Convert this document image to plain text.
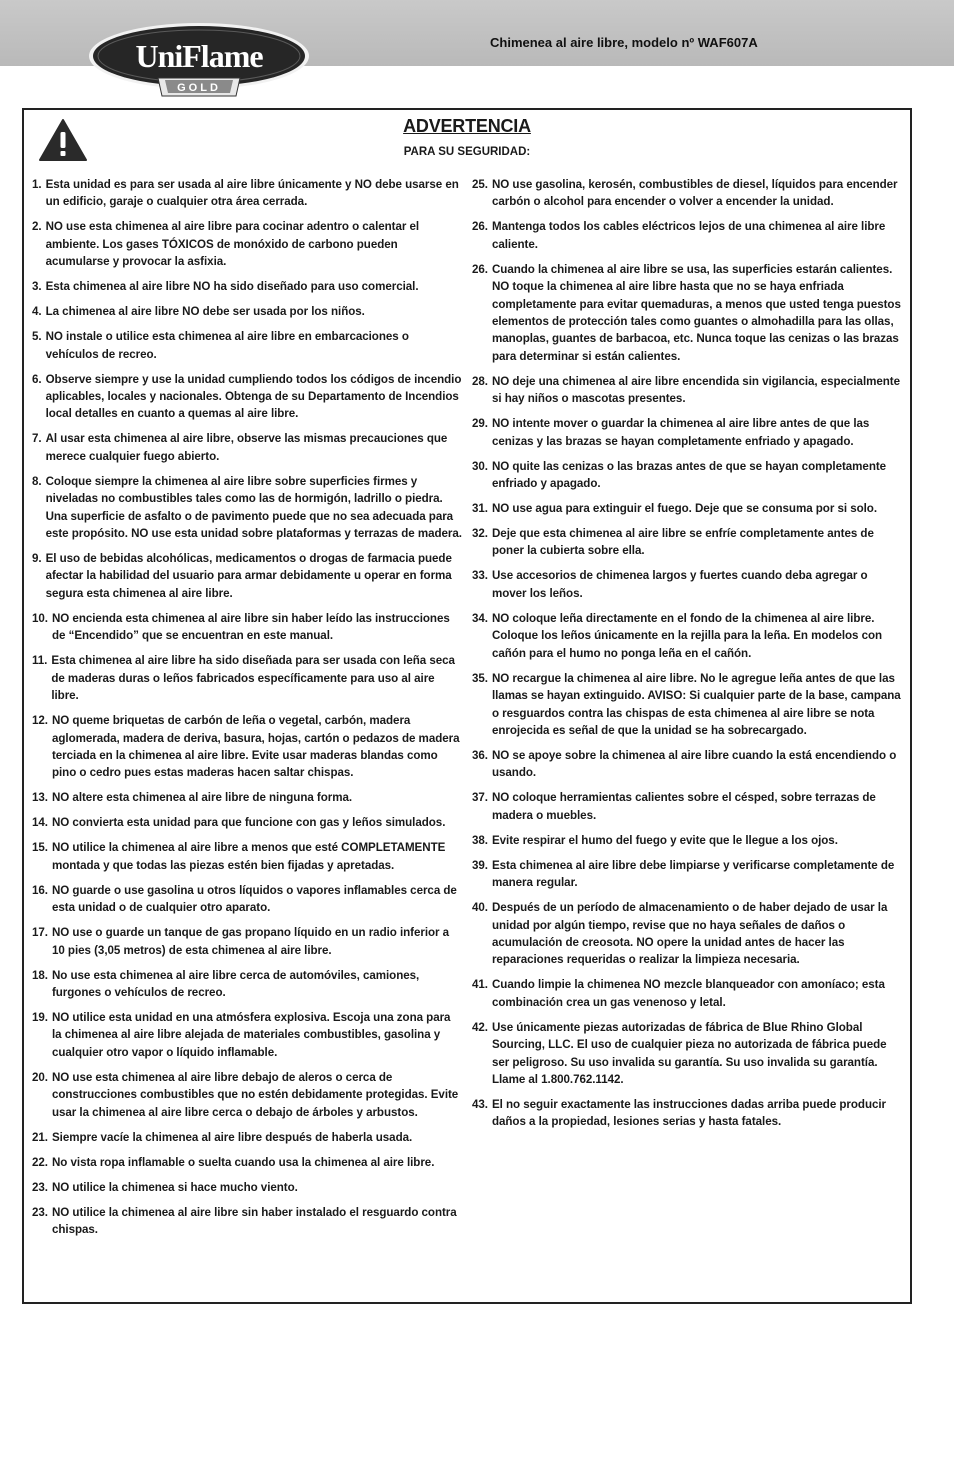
UniFlame
GOLD
Chimenea al aire libre, modelo nº WAF607A
ADVERTENCIA
PARA SU SEGURIDAD:
1. Esta unidad es para ser usada al aire libre únicamente y NO debe usarse en un edificio, garaje o cualquier otra área cerrada.
2. NO use esta chimenea al aire libre para cocinar adentro o calentar el ambiente. Los gases TÓXICOS de monóxido de carbono pueden acumularse y provocar la asfixia.
3. Esta chimenea al aire libre NO ha sido diseñado para uso comercial.
4. La chimenea al aire libre NO debe ser usada por los niños.
5. NO instale o utilice esta chimenea al aire libre en embarcaciones o vehículos de recreo.
6. Observe siempre y use la unidad cumpliendo todos los códigos de incendio aplicables, locales y nacionales. Obtenga de su Departamento de Incendios local detalles en cuanto a quemas al aire libre.
7. Al usar esta chimenea al aire libre, observe las mismas precauciones que merece cualquier fuego abierto.
8. Coloque siempre la chimenea al aire libre sobre superficies firmes y niveladas no combustibles tales como las de hormigón, ladrillo o piedra. Una superficie de asfalto o de pavimento puede que no sea adecuada para este propósito. NO use esta unidad sobre plataformas y terrazas de madera.
9. El uso de bebidas alcohólicas, medicamentos o drogas de farmacia puede afectar la habilidad del usuario para armar debidamente u operar en forma segura esta chimenea al aire libre.
10. NO encienda esta chimenea al aire libre sin haber leído las instrucciones de “Encendido” que se encuentran en este manual.
11. Esta chimenea al aire libre ha sido diseñada para ser usada con leña seca de maderas duras o leños fabricados específicamente para uso al aire libre.
12. NO queme briquetas de carbón de leña o vegetal, carbón, madera aglomerada, madera de deriva, basura, hojas, cartón o pedazos de madera terciada en la chimenea al aire libre. Evite usar maderas blandas como pino o cedro pues estas maderas hacen saltar chispas.
13. NO altere esta chimenea al aire libre de ninguna forma.
14. NO convierta esta unidad para que funcione con gas y leños simulados.
15. NO utilice la chimenea al aire libre a menos que esté COMPLETAMENTE montada y que todas las piezas estén bien fijadas y apretadas.
16. NO guarde o use gasolina u otros líquidos o vapores inflamables cerca de esta unidad o de cualquier otro aparato.
17. NO use o guarde un tanque de gas propano líquido en un radio inferior a 10 pies (3,05 metros) de esta chimenea al aire libre.
18. No use esta chimenea al aire libre cerca de automóviles, camiones, furgones o vehículos de recreo.
19. NO utilice esta unidad en una atmósfera explosiva. Escoja una zona para la chimenea al aire libre alejada de materiales combustibles, gasolina y cualquier otro vapor o líquido inflamable.
20. NO use esta chimenea al aire libre debajo de aleros o cerca de construcciones combustibles que no estén debidamente protegidas. Evite usar la chimenea al aire libre cerca o debajo de árboles y arbustos.
21. Siempre vacíe la chimenea al aire libre después de haberla usada.
22. No vista ropa inflamable o suelta cuando usa la chimenea al aire libre.
23. NO utilice la chimenea si hace mucho viento.
23. NO utilice la chimenea al aire libre sin haber instalado el resguardo contra chispas.
25. NO use gasolina, kerosén, combustibles de diesel, líquidos para encender carbón o alcohol para encender o volver a encender la unidad.
26. Mantenga todos los cables eléctricos lejos de una chimenea al aire libre caliente.
26. Cuando la chimenea al aire libre se usa, las superficies estarán calientes. NO toque la chimenea al aire libre hasta que no se haya enfriada completamente para evitar quemaduras, a menos que usted tenga puestos elementos de protección tales como guantes o almohadilla para las ollas, manoplas, guantes de barbacoa, etc. Nunca toque las cenizas o las brazas para determinar si están calientes.
28. NO deje una chimenea al aire libre encendida sin vigilancia, especialmente si hay niños o mascotas presentes.
29. NO intente mover o guardar la chimenea al aire libre antes de que las cenizas y las brazas se hayan completamente enfriado y apagado.
30. NO quite las cenizas o las brazas antes de que se hayan completamente enfriado y apagado.
31. NO use agua para extinguir el fuego. Deje que se consuma por si solo.
32. Deje que esta chimenea al aire libre se enfríe completamente antes de poner la cubierta sobre ella.
33. Use accesorios de chimenea largos y fuertes cuando deba agregar o mover los leños.
34. NO coloque leña directamente en el fondo de la chimenea al aire libre. Coloque los leños únicamente en la rejilla para la leña. En modelos con cañón para el humo no ponga leña en el cañón.
35. NO recargue la chimenea al aire libre. No le agregue leña antes de que las llamas se hayan extinguido. AVISO: Si cualquier parte de la base, campana o resguardos contra las chispas de esta chimenea al aire libre se nota enrojecida es señal de que la unidad se ha sobrecargado.
36. NO se apoye sobre la chimenea al aire libre cuando la está encendiendo o usando.
37. NO coloque herramientas calientes sobre el césped, sobre terrazas de madera o muebles.
38. Evite respirar el humo del fuego y evite que le llegue a los ojos.
39. Esta chimenea al aire libre debe limpiarse y verificarse completamente de manera regular.
40. Después de un período de almacenamiento o de haber dejado de usar la unidad por algún tiempo, revise que no haya señales de daños o acumulación de creosota. NO opere la unidad antes de hacer las reparaciones requeridas o realizar la limpieza necesaria.
41. Cuando limpie la chimenea NO mezcle blanqueador con amoníaco; esta combinación crea un gas venenoso y letal.
42. Use únicamente piezas autorizadas de fábrica de Blue Rhino Global Sourcing, LLC. El uso de cualquier pieza no autorizada de fábrica puede ser peligroso. Su uso invalida su garantía. Su uso invalida su garantía. Llame al 1.800.762.1142.
43. El no seguir exactamente las instrucciones dadas arriba puede producir daños a la propiedad, lesiones serias y hasta fatales.
